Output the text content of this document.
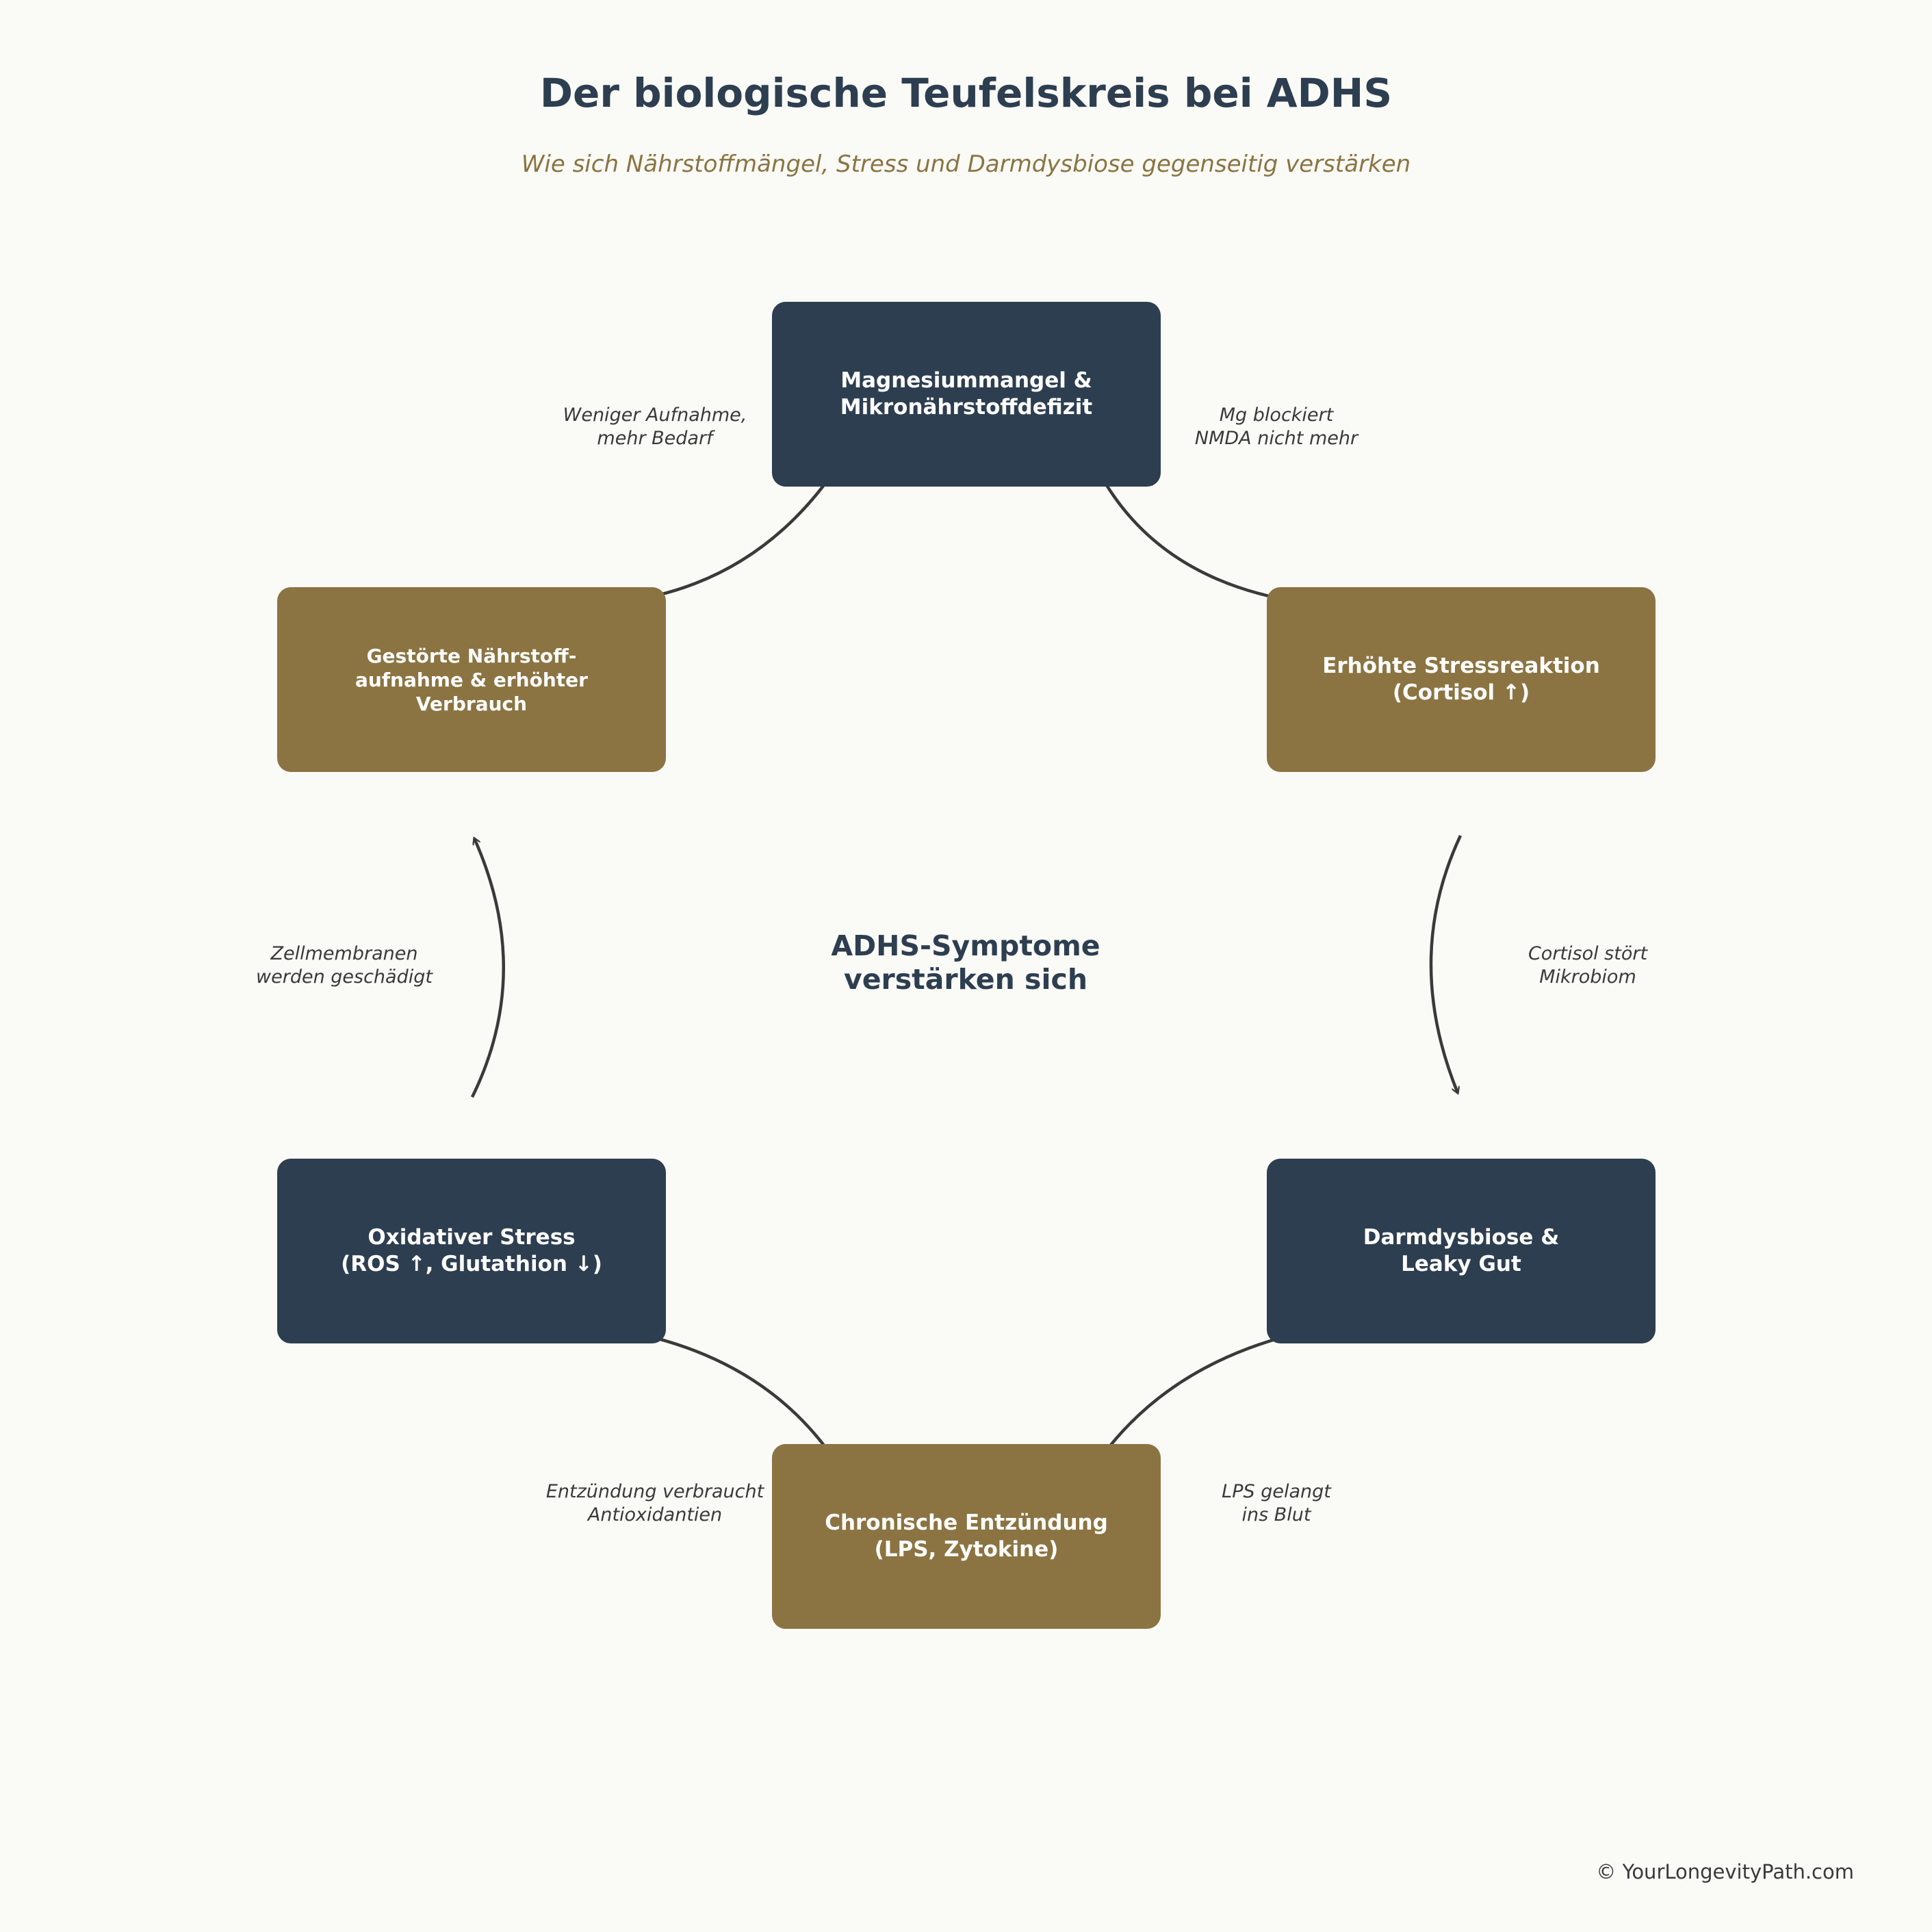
Der biologische Teufelskreis bei ADHS
Wie sich Nährstoffmängel, Stress und Darmdysbiose gegenseitig verstärken
Magnesiummangel &
Mikronährstoffdefizit
Erhöhte Stressreaktion
(Cortisol ↑)
Darmdysbiose &
Leaky Gut
Chronische Entzündung
(LPS, Zytokine)
Oxidativer Stress
(ROS ↑, Glutathion ↓)
Gestörte Nährstoff-
aufnahme & erhöhter
Verbrauch
Mg blockiert
NMDA nicht mehr
Cortisol stört
Mikrobiom
LPS gelangt
ins Blut
Entzündung verbraucht
Antioxidantien
Zellmembranen
werden geschädigt
Weniger Aufnahme,
mehr Bedarf
ADHS-Symptome
verstärken sich
© YourLongevityPath.com
